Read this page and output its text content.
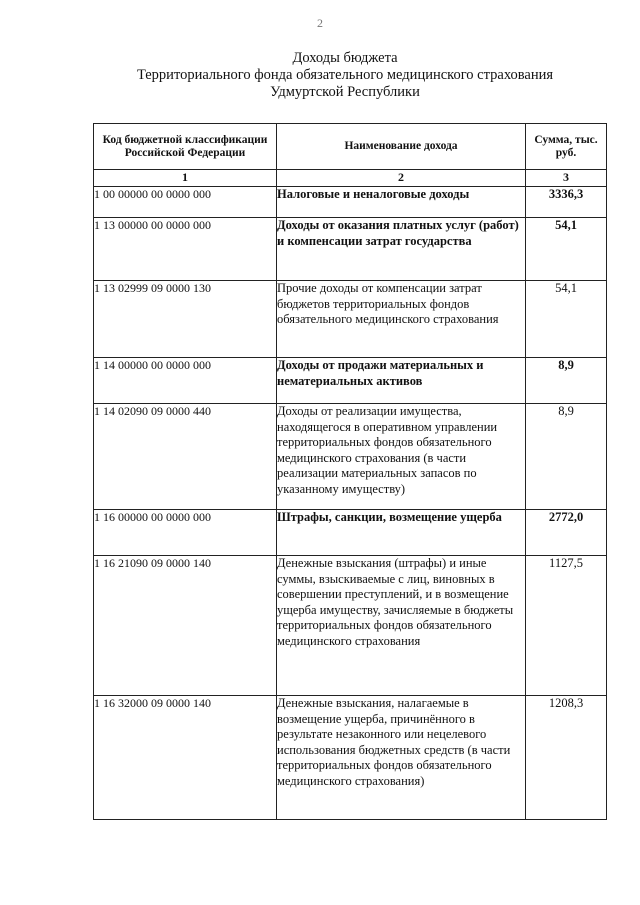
2
Доходы бюджета
Территориального фонда обязательного медицинского страхования
Удмуртской Республики
Код бюджетной классификации Российской Федерации	Наименование дохода	Сумма, тыс. руб.
1	2	3
1 00 00000 00 0000 000	Налоговые и неналоговые доходы	3336,3
1 13 00000 00 0000 000	Доходы от оказания платных услуг (работ) и компенсации затрат государства	54,1
1 13 02999 09 0000 130	Прочие доходы от компенсации затрат бюджетов территориальных фондов обязательного медицинского страхования	54,1
1 14 00000 00 0000 000	Доходы от продажи материальных и нематериальных активов	8,9
1 14 02090 09 0000 440	Доходы от реализации имущества, находящегося в оперативном управлении территориальных фондов обязательного медицинского страхования (в части реализации материальных запасов по указанному имуществу)	8,9
1 16 00000 00 0000 000	Штрафы, санкции, возмещение ущерба	2772,0
1 16 21090 09 0000 140	Денежные взыскания (штрафы) и иные суммы, взыскиваемые с лиц, виновных в совершении преступлений, и в возмещение ущерба имуществу, зачисляемые в бюджеты территориальных фондов обязательного медицинского страхования	1127,5
1 16 32000 09 0000 140	Денежные взыскания, налагаемые в возмещение ущерба, причинённого в результате незаконного или нецелевого использования бюджетных средств (в части территориальных фондов обязательного медицинского страхования)	1208,3
